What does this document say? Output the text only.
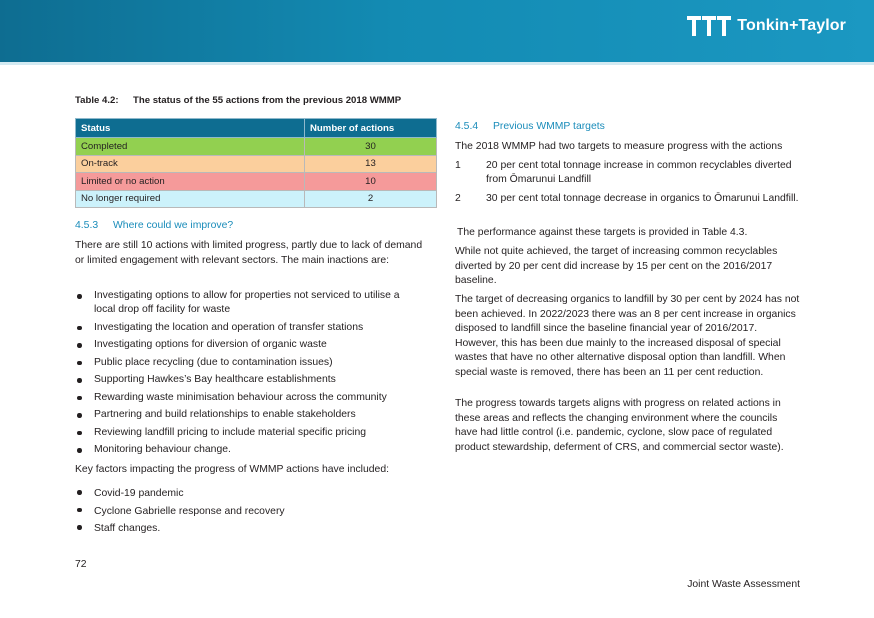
Tonkin+Taylor
Table 4.2: The status of the 55 actions from the previous 2018 WMMP
Status	Number of actions
Completed	30
On-track	13
Limited or no action	10
No longer required	2
4.5.3 Where could we improve?
There are still 10 actions with limited progress, partly due to lack of demand or limited engagement with relevant sectors. The main inactions are:
Investigating options to allow for properties not serviced to utilise a local drop off facility for waste
Investigating the location and operation of transfer stations
Investigating options for diversion of organic waste
Public place recycling (due to contamination issues)
Supporting Hawkes’s Bay healthcare establishments
Rewarding waste minimisation behaviour across the community
Partnering and build relationships to enable stakeholders
Reviewing landfill pricing to include material specific pricing
Monitoring behaviour change.
Key factors impacting the progress of WMMP actions have included:
Covid-19 pandemic
Cyclone Gabrielle response and recovery
Staff changes.
4.5.4 Previous WMMP targets
The 2018 WMMP had two targets to measure progress with the actions
1 20 per cent total tonnage increase in common recyclables diverted from Ōmarunui Landfill
2 30 per cent total tonnage decrease in organics to Ōmarunui Landfill.
The performance against these targets is provided in Table 4.3.
While not quite achieved, the target of increasing common recyclables diverted by 20 per cent did increase by 15 per cent on the 2016/2017 baseline.
The target of decreasing organics to landfill by 30 per cent by 2024 has not been achieved. In 2022/2023 there was an 8 per cent increase in organics disposed to landfill since the baseline financial year of 2016/2017. However, this has been due mainly to the increased disposal of special wastes that have no other alternative disposal option than landfill. When special waste is removed, there has been an 11 per cent reduction.
The progress towards targets aligns with progress on related actions in these areas and reflects the changing environment where the councils have had little control (i.e. pandemic, cyclone, slow pace of regulated product stewardship, deferment of CRS, and commercial sector waste).
72
Joint Waste Assessment
